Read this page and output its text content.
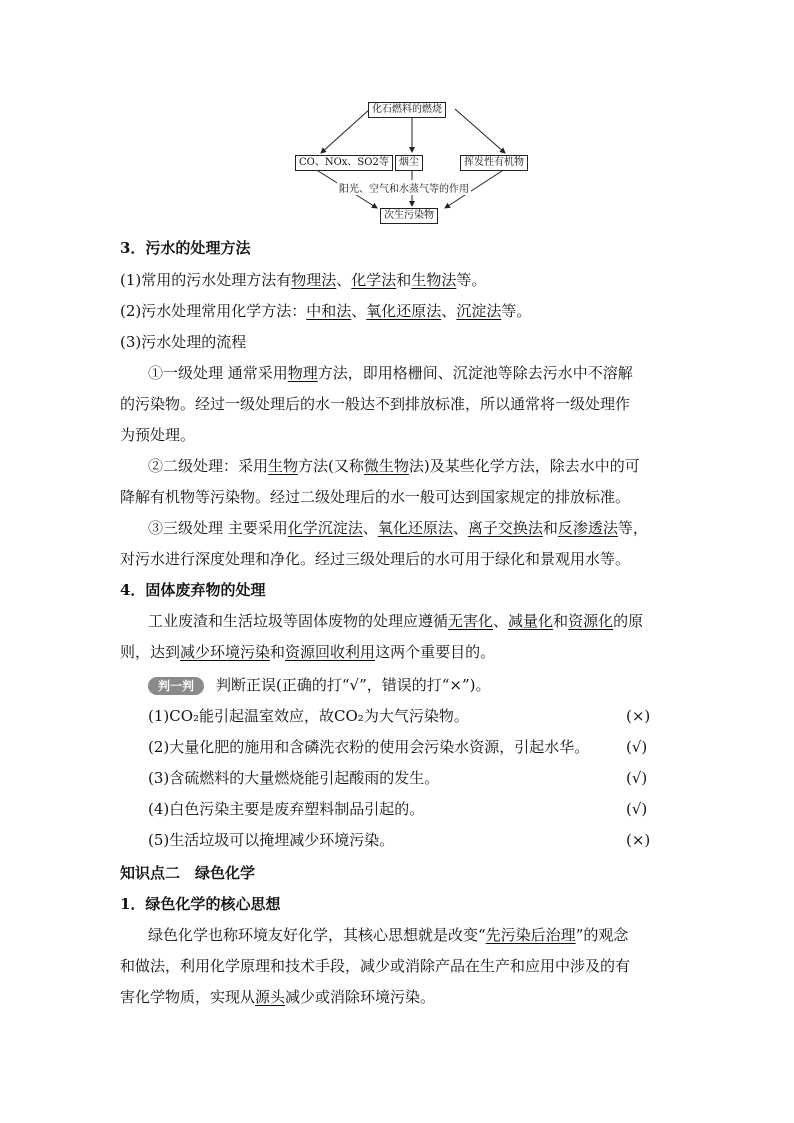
化石燃料的燃烧
CO、NOx、SO2等	烟尘	挥发性有机物
阳光、空气和水蒸气等的作用
次生污染物
3．污水的处理方法
(1)常用的污水处理方法有物理法、化学法和生物法等。
(2)污水处理常用化学方法：中和法、氧化还原法、沉淀法等。
(3)污水处理的流程
①一级处理 通常采用物理方法，即用格栅间、沉淀池等除去污水中不溶解
的污染物。经过一级处理后的水一般达不到排放标准，所以通常将一级处理作
为预处理。
②二级处理：采用生物方法(又称微生物法)及某些化学方法，除去水中的可
降解有机物等污染物。经过二级处理后的水一般可达到国家规定的排放标准。
③三级处理 主要采用化学沉淀法、氧化还原法、离子交换法和反渗透法等，
对污水进行深度处理和净化。经过三级处理后的水可用于绿化和景观用水等。
4．固体废弃物的处理
工业废渣和生活垃圾等固体废物的处理应遵循无害化、减量化和资源化的原
则，达到减少环境污染和资源回收利用这两个重要目的。
判一判 判断正误(正确的打“√”，错误的打“×”)。
(1)CO₂能引起温室效应，故CO₂为大气污染物。	(×)
(2)大量化肥的施用和含磷洗衣粉的使用会污染水资源，引起水华。 (√)
(3)含硫燃料的大量燃烧能引起酸雨的发生。	(√)
(4)白色污染主要是废弃塑料制品引起的。	(√)
(5)生活垃圾可以掩埋减少环境污染。	(×)
知识点二　绿色化学
1．绿色化学的核心思想
绿色化学也称环境友好化学，其核心思想就是改变“先污染后治理”的观念
和做法，利用化学原理和技术手段，减少或消除产品在生产和应用中涉及的有
害化学物质，实现从源头减少或消除环境污染。
